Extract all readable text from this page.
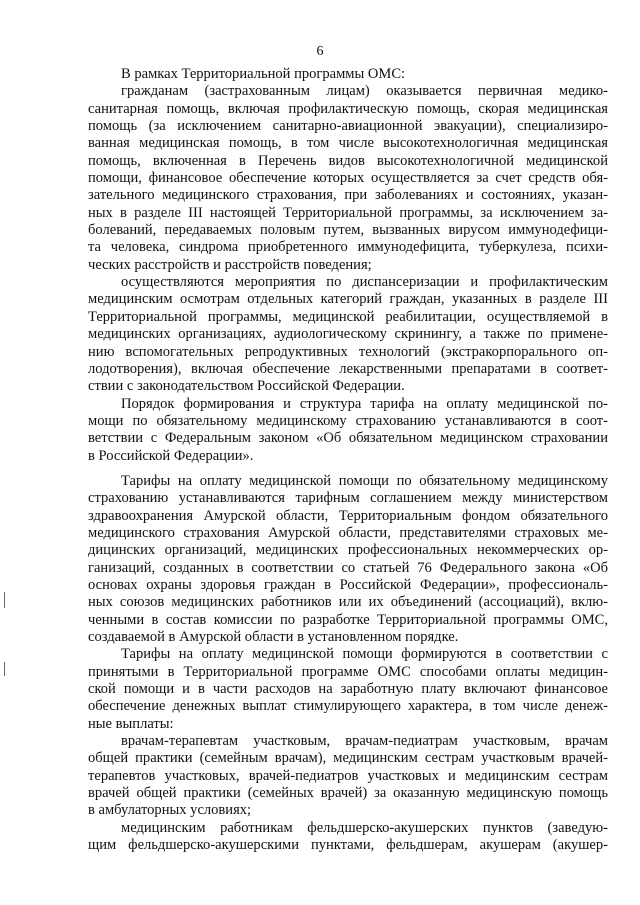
6
В рамках Территориальной программы ОМС:
гражданам (застрахованным лицам) оказывается первичная медико-
санитарная помощь, включая профилактическую помощь, скорая медицинская
помощь (за исключением санитарно-авиационной эвакуации), специализиро-
ванная медицинская помощь, в том числе высокотехнологичная медицинская
помощь, включенная в Перечень видов высокотехнологичной медицинской
помощи, финансовое обеспечение которых осуществляется за счет средств обя-
зательного медицинского страхования, при заболеваниях и состояниях, указан-
ных в разделе III настоящей Территориальной программы, за исключением за-
болеваний, передаваемых половым путем, вызванных вирусом иммунодефици-
та человека, синдрома приобретенного иммунодефицита, туберкулеза, психи-
ческих расстройств и расстройств поведения;
осуществляются мероприятия по диспансеризации и профилактическим
медицинским осмотрам отдельных категорий граждан, указанных в разделе III
Территориальной программы, медицинской реабилитации, осуществляемой в
медицинских организациях, аудиологическому скринингу, а также по примене-
нию вспомогательных репродуктивных технологий (экстракорпорального оп-
лодотворения), включая обеспечение лекарственными препаратами в соответ-
ствии с законодательством Российской Федерации.
Порядок формирования и структура тарифа на оплату медицинской по-
мощи по обязательному медицинскому страхованию устанавливаются в соот-
ветствии с Федеральным законом «Об обязательном медицинском страховании
в Российской Федерации».
Тарифы на оплату медицинской помощи по обязательному медицинскому
страхованию устанавливаются тарифным соглашением между министерством
здравоохранения Амурской области, Территориальным фондом обязательного
медицинского страхования Амурской области, представителями страховых ме-
дицинских организаций, медицинских профессиональных некоммерческих ор-
ганизаций, созданных в соответствии со статьей 76 Федерального закона «Об
основах охраны здоровья граждан в Российской Федерации», профессиональ-
ных союзов медицинских работников или их объединений (ассоциаций), вклю-
ченными в состав комиссии по разработке Территориальной программы ОМС,
создаваемой в Амурской области в установленном порядке.
Тарифы на оплату медицинской помощи формируются в соответствии с
принятыми в Территориальной программе ОМС способами оплаты медицин-
ской помощи и в части расходов на заработную плату включают финансовое
обеспечение денежных выплат стимулирующего характера, в том числе денеж-
ные выплаты:
врачам-терапевтам участковым, врачам-педиатрам участковым, врачам
общей практики (семейным врачам), медицинским сестрам участковым врачей-
терапевтов участковых, врачей-педиатров участковых и медицинским сестрам
врачей общей практики (семейных врачей) за оказанную медицинскую помощь
в амбулаторных условиях;
медицинским работникам фельдшерско-акушерских пунктов (заведую-
щим фельдшерско-акушерскими пунктами, фельдшерам, акушерам (акушер-
